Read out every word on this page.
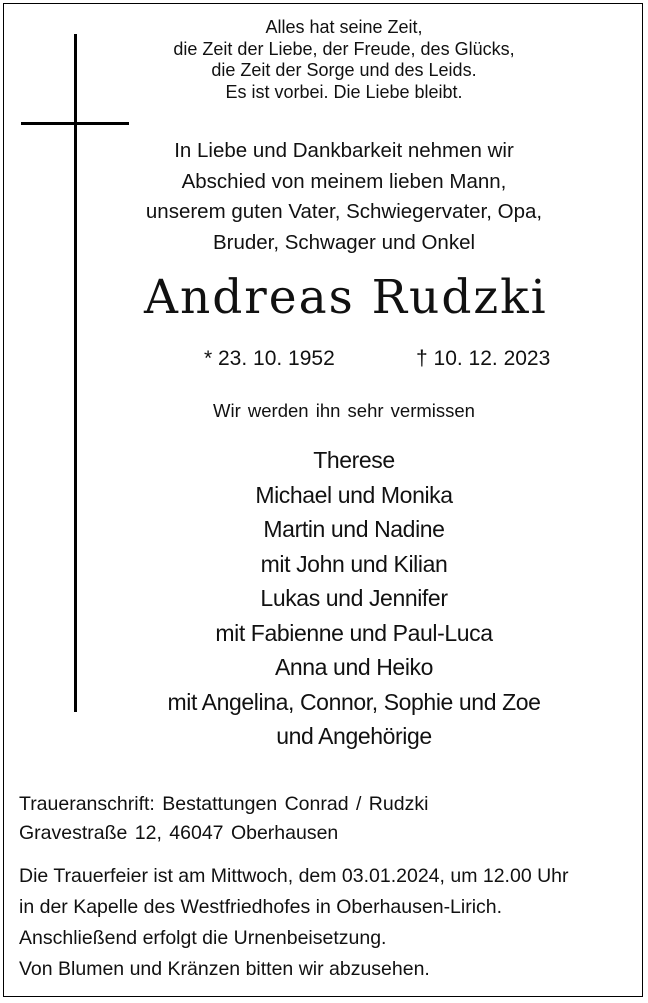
Alles hat seine Zeit,
die Zeit der Liebe, der Freude, des Glücks,
die Zeit der Sorge und des Leids.
Es ist vorbei. Die Liebe bleibt.
In Liebe und Dankbarkeit nehmen wir
Abschied von meinem lieben Mann,
unserem guten Vater, Schwiegervater, Opa,
Bruder, Schwager und Onkel
Andreas Rudzki
* 23. 10. 1952	† 10. 12. 2023
Wir werden ihn sehr vermissen
Therese
Michael und Monika
Martin und Nadine
mit John und Kilian
Lukas und Jennifer
mit Fabienne und Paul-Luca
Anna und Heiko
mit Angelina, Connor, Sophie und Zoe
und Angehörige
Traueranschrift: Bestattungen Conrad / Rudzki
Gravestraße 12, 46047 Oberhausen
Die Trauerfeier ist am Mittwoch, dem 03.01.2024, um 12.00 Uhr
in der Kapelle des Westfriedhofes in Oberhausen-Lirich.
Anschließend erfolgt die Urnenbeisetzung.
Von Blumen und Kränzen bitten wir abzusehen.
